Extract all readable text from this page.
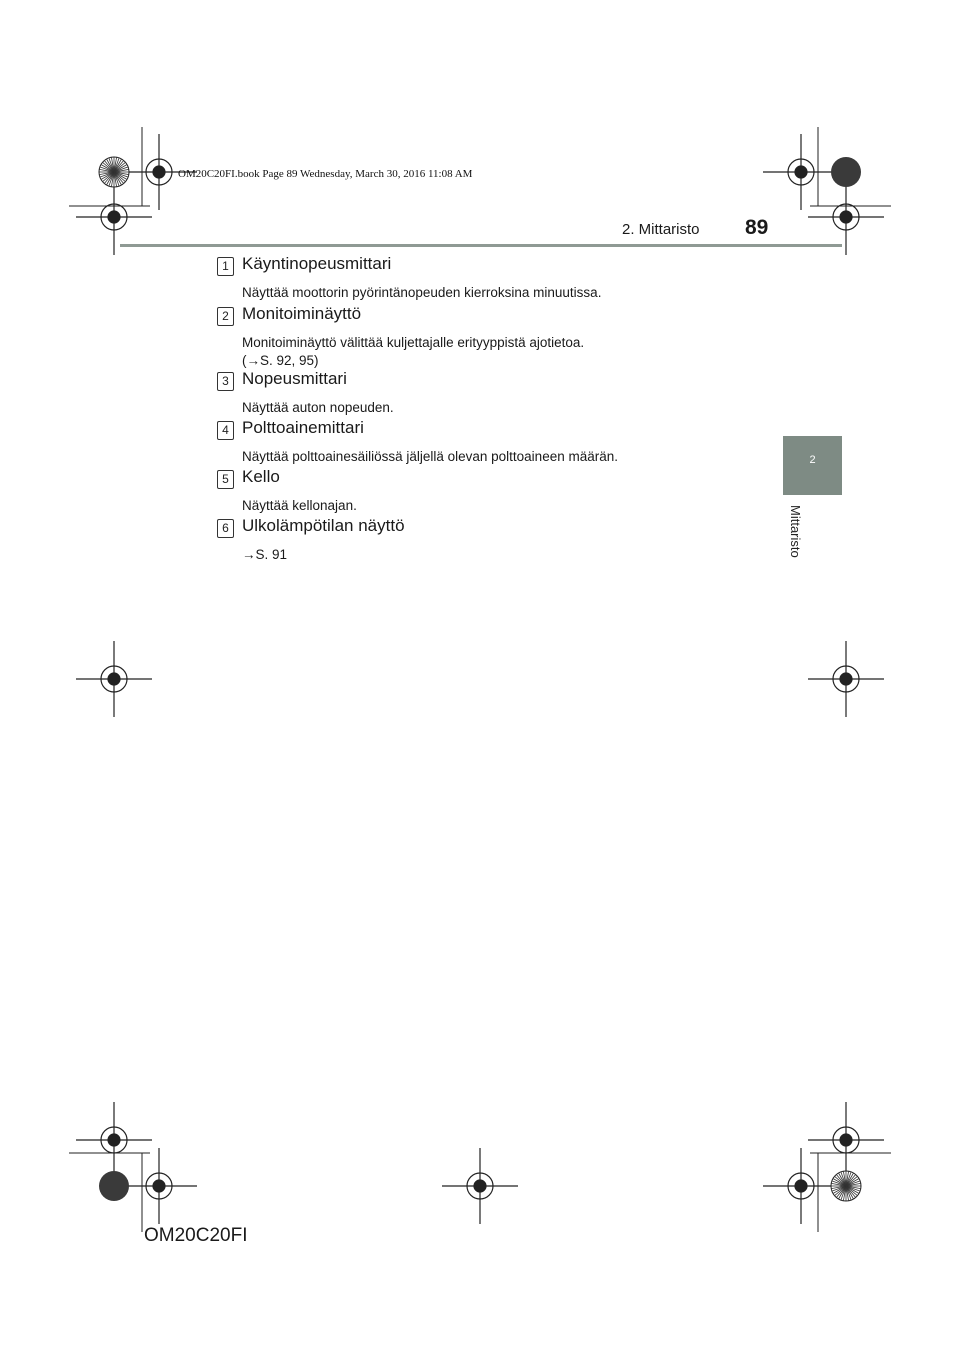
OM20C20FI.book Page 89 Wednesday, March 30, 2016 11:08 AM
2. Mittaristo 89
2
Mittaristo
1 Käyntinopeusmittari
Näyttää moottorin pyörintänopeuden kierroksina minuutissa.
2 Monitoiminäyttö
Monitoiminäyttö välittää kuljettajalle erityyppistä ajotietoa.
(→S. 92, 95)
3 Nopeusmittari
Näyttää auton nopeuden.
4 Polttoainemittari
Näyttää polttoainesäiliössä jäljellä olevan polttoaineen määrän.
5 Kello
Näyttää kellonajan.
6 Ulkolämpötilan näyttö
→S. 91
OM20C20FI
